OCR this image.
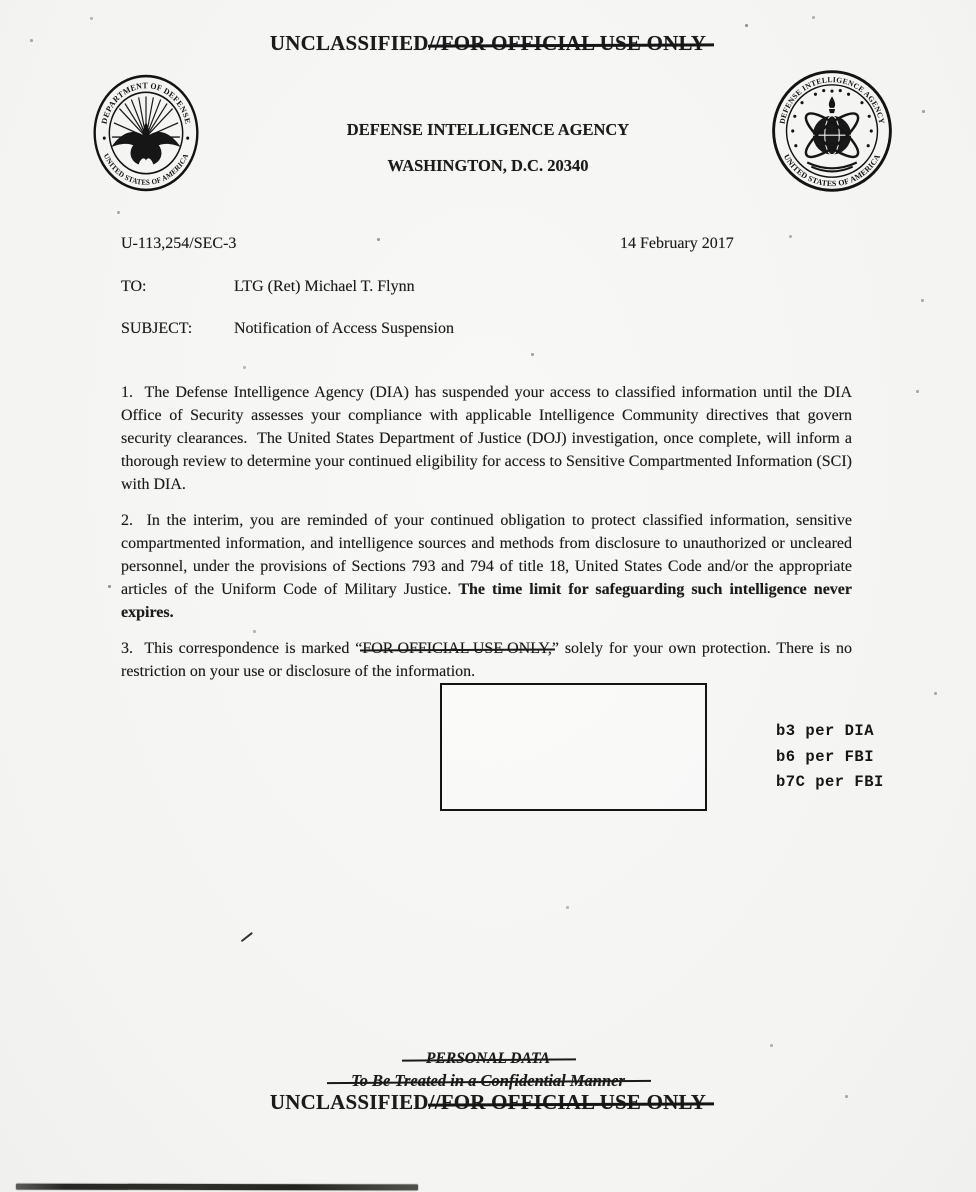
UNCLASSIFIED//FOR OFFICIAL USE ONLY
DEPARTMENT OF DEFENSE
UNITED STATES OF AMERICA
DEFENSE INTELLIGENCE AGENCY
UNITED STATES OF AMERICA
DEFENSE INTELLIGENCE AGENCY
WASHINGTON, D.C. 20340
U-113,254/SEC-3	14 February 2017
TO:	LTG (Ret) Michael T. Flynn
SUBJECT:	Notification of Access Suspension

1.  The Defense Intelligence Agency (DIA) has suspended your access to classified information until the DIA Office of Security assesses your compliance with applicable Intelligence Community directives that govern security clearances.  The United States Department of Justice (DOJ) investigation, once complete, will inform a thorough review to determine your continued eligibility for access to Sensitive Compartmented Information (SCI) with DIA.

2.  In the interim, you are reminded of your continued obligation to protect classified information, sensitive compartmented information, and intelligence sources and methods from disclosure to unauthorized or uncleared personnel, under the provisions of Sections 793 and 794 of title 18, United States Code and/or the appropriate articles of the Uniform Code of Military Justice. The time limit for safeguarding such intelligence never expires.

3.  This correspondence is marked “FOR OFFICIAL USE ONLY,” solely for your own protection. There is no restriction on your use or disclosure of the information.

b3 per DIA
b6 per FBI
b7C per FBI
PERSONAL DATA
To Be Treated in a Confidential Manner
UNCLASSIFIED//FOR OFFICIAL USE ONLY
